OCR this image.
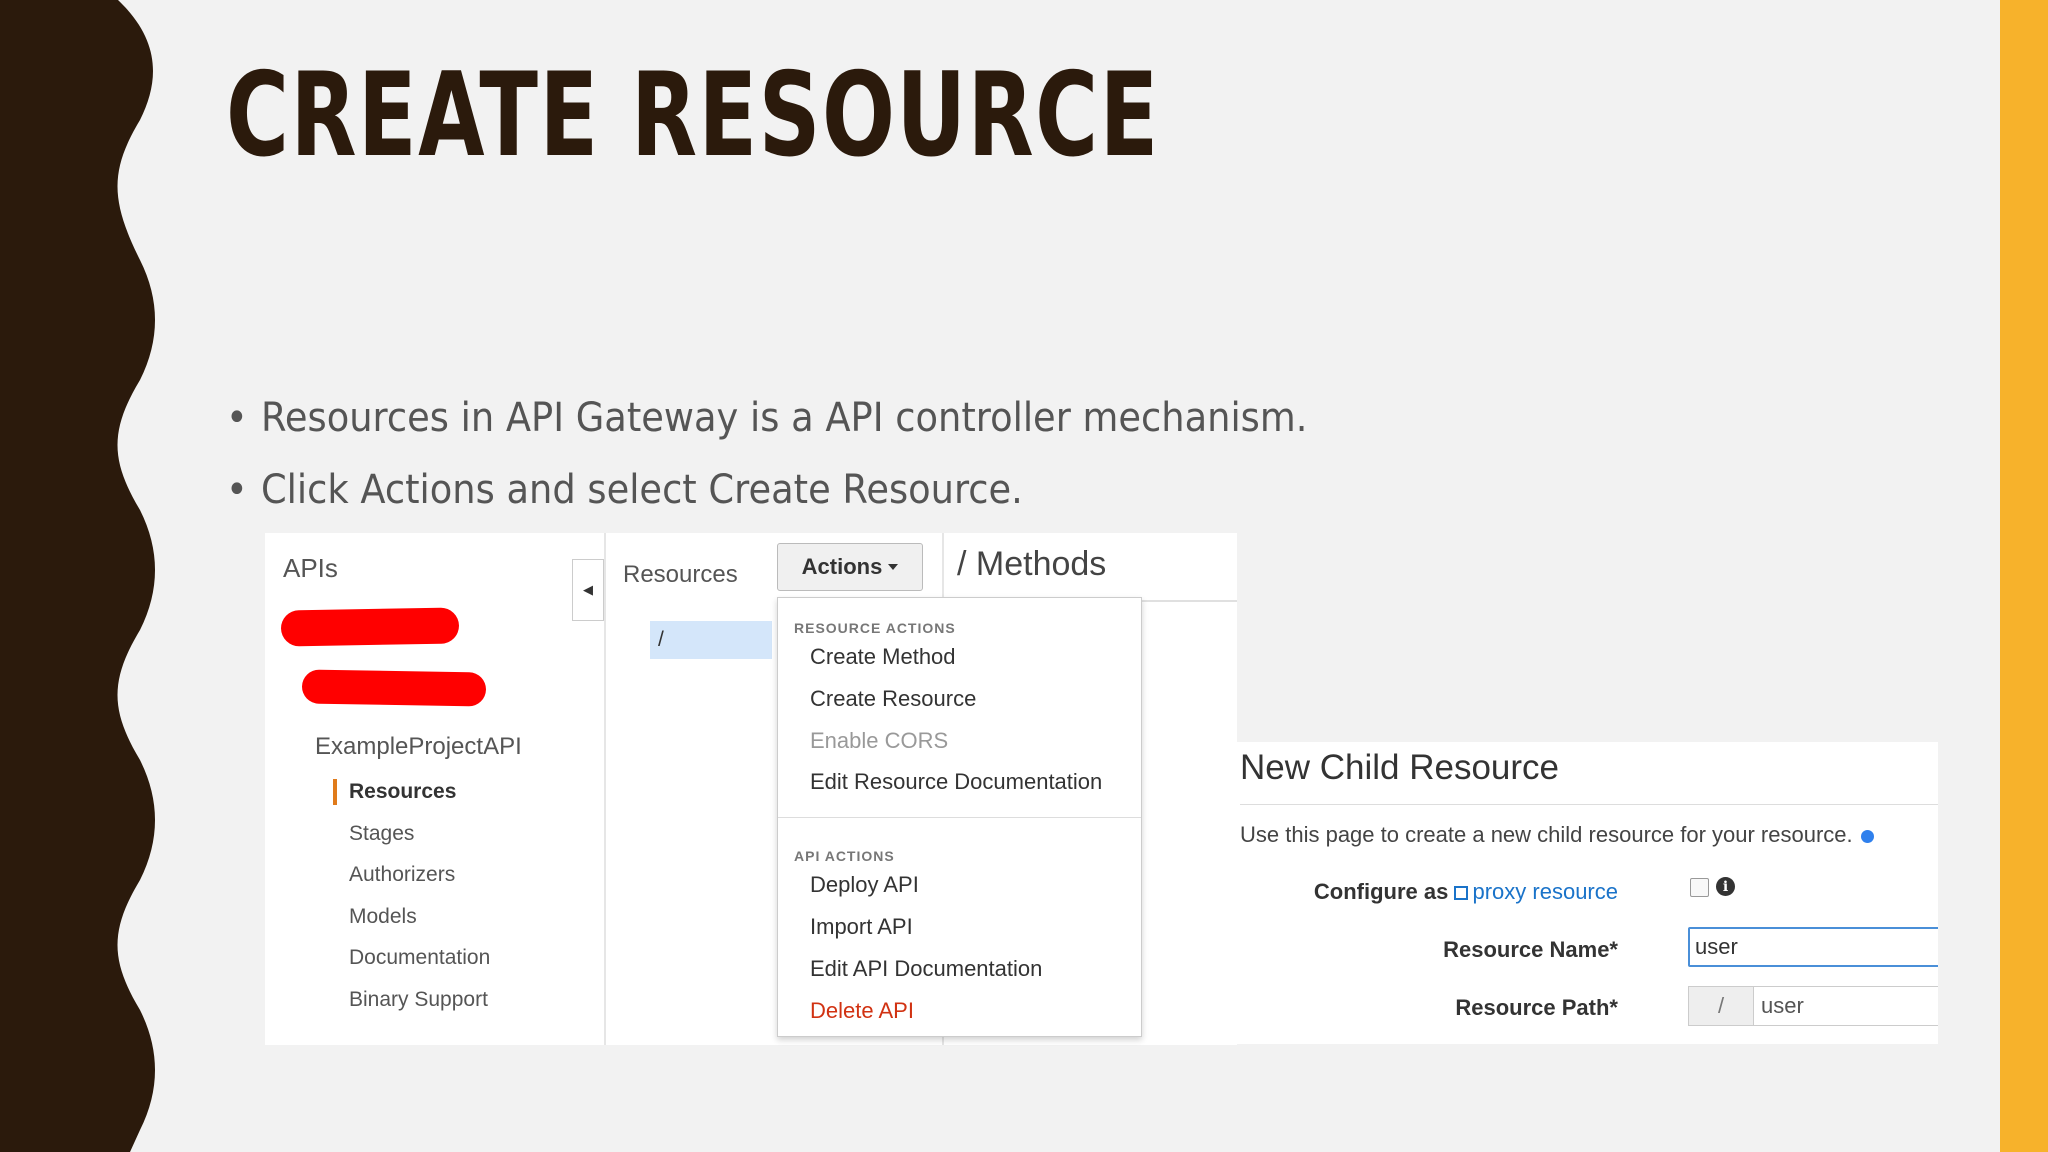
CREATE RESOURCE
• Resources in API Gateway is a API controller mechanism.
• Click Actions and select Create Resource.
APIs
ExampleProjectAPI
Resources
Stages
Authorizers
Models
Documentation
Binary Support
◀
Resources	Actions / Methods
/	RESOURCE ACTIONS
Create Method
Create Resource
Enable CORS
Edit Resource Documentation
API ACTIONS
Deploy API
Import API
Edit API Documentation
Delete API
New Child Resource
Use this page to create a new child resource for your resource.
Configure as proxy resource	i
Resource Name*	user
Resource Path*	/	user
